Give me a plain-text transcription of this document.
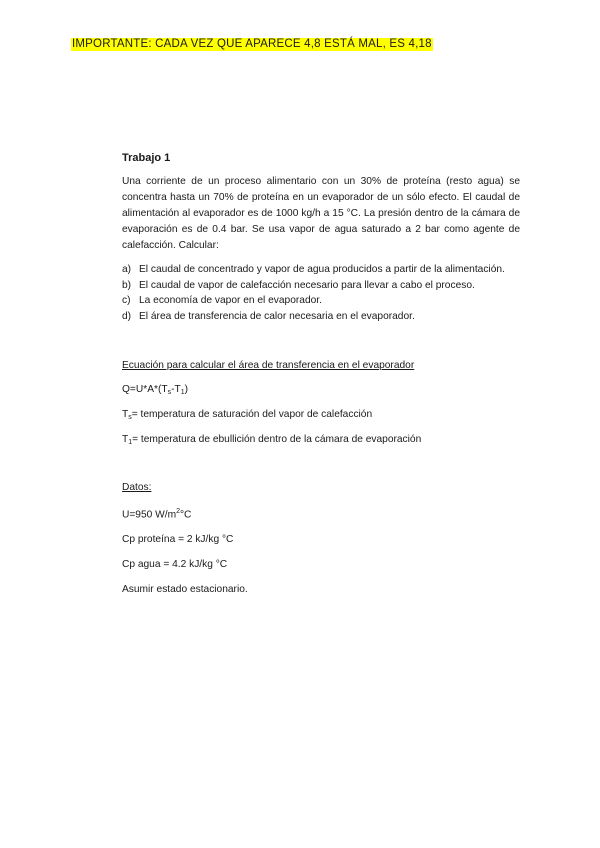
IMPORTANTE: CADA VEZ QUE APARECE 4,8 ESTÁ MAL, ES 4,18

Trabajo 1

Una corriente de un proceso alimentario con un 30% de proteína (resto agua) se concentra hasta un 70% de proteína en un evaporador de un sólo efecto. El caudal de alimentación al evaporador es de 1000 kg/h a 15 °C. La presión dentro de la cámara de evaporación es de 0.4 bar. Se usa vapor de agua saturado a 2 bar como agente de calefacción. Calcular:

a) El caudal de concentrado y vapor de agua producidos a partir de la alimentación.
b) El caudal de vapor de calefacción necesario para llevar a cabo el proceso.
c) La economía de vapor en el evaporador.
d) El área de transferencia de calor necesaria en el evaporador.

Ecuación para calcular el área de transferencia en el evaporador

$Q=U*A*(T_s-T_1)$

$T_s=$ temperatura de saturación del vapor de calefacción

$T_1=$ temperatura de ebullición dentro de la cámara de evaporación

Datos:

U=950 $W/m^2^\circ C$

Cp proteína = 2 kJ/kg °C

Cp agua = 4.2 kJ/kg °C

Asumir estado estacionario.
